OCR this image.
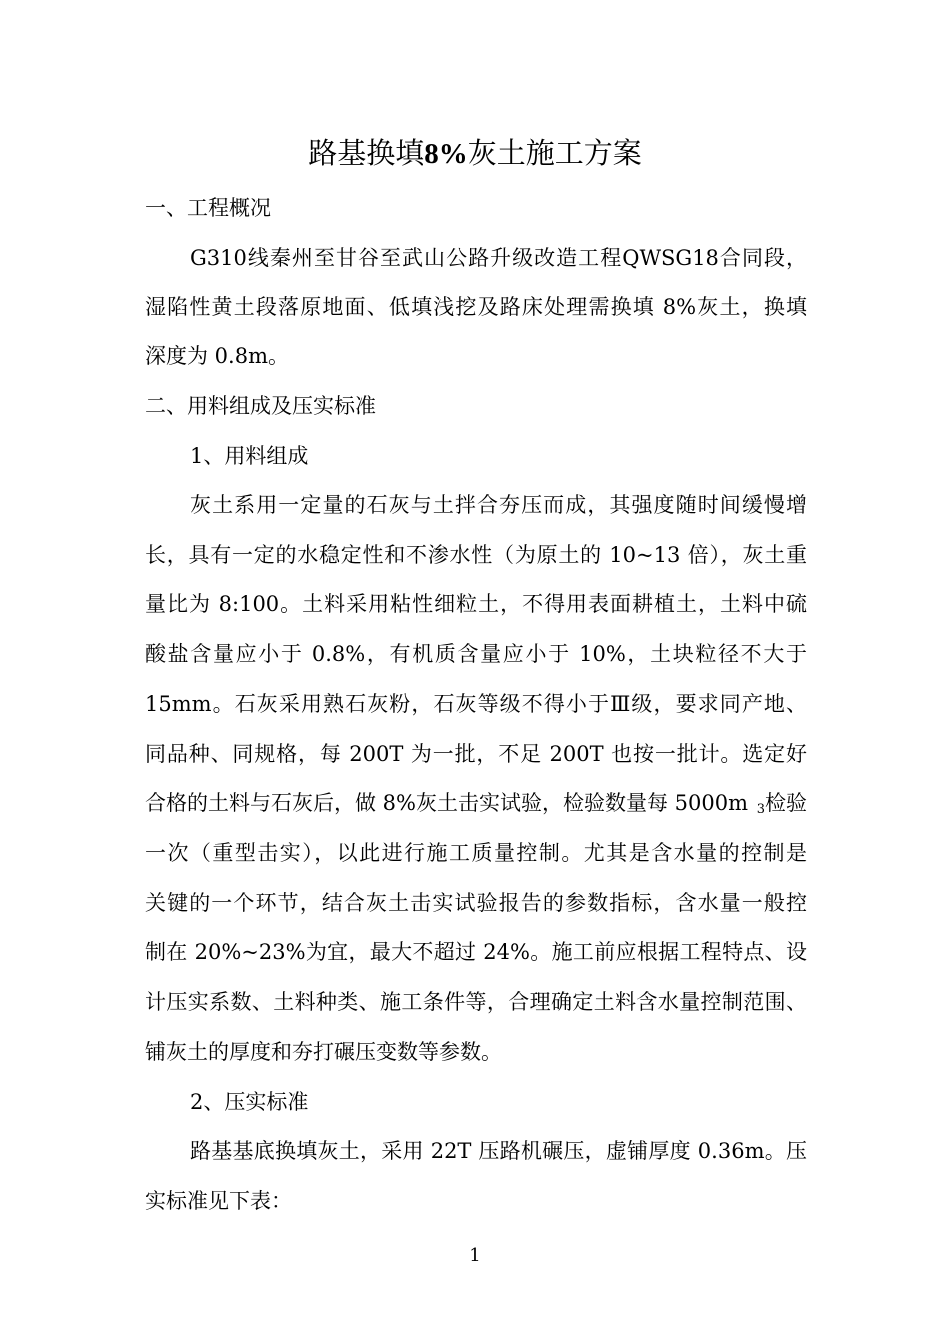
路基换填8%灰土施工方案
一、工程概况
G310线秦州至甘谷至武山公路升级改造工程QWSG18合同段，
湿陷性黄土段落原地面、低填浅挖及路床处理需换填 8%灰土，换填
深度为 0.8m。
二、用料组成及压实标准
1、用料组成
灰土系用一定量的石灰与土拌合夯压而成，其强度随时间缓慢增
长，具有一定的水稳定性和不渗水性（为原土的 10~13 倍），灰土重
量比为 8:100。土料采用粘性细粒土，不得用表面耕植土，土料中硫
酸盐含量应小于 0.8%，有机质含量应小于 10%，土块粒径不大于
15mm。石灰采用熟石灰粉，石灰等级不得小于Ⅲ级，要求同产地、
同品种、同规格，每 200T 为一批，不足 200T 也按一批计。选定好
合格的土料与石灰后，做 8%灰土击实试验，检验数量每 5000m $_3$检验
一次（重型击实），以此进行施工质量控制。尤其是含水量的控制是
关键的一个环节，结合灰土击实试验报告的参数指标，含水量一般控
制在 20%~23%为宜，最大不超过 24%。施工前应根据工程特点、设
计压实系数、土料种类、施工条件等，合理确定土料含水量控制范围、
铺灰土的厚度和夯打碾压变数等参数。
2、压实标准
路基基底换填灰土，采用 22T 压路机碾压，虚铺厚度 0.36m。压
实标准见下表：
1
